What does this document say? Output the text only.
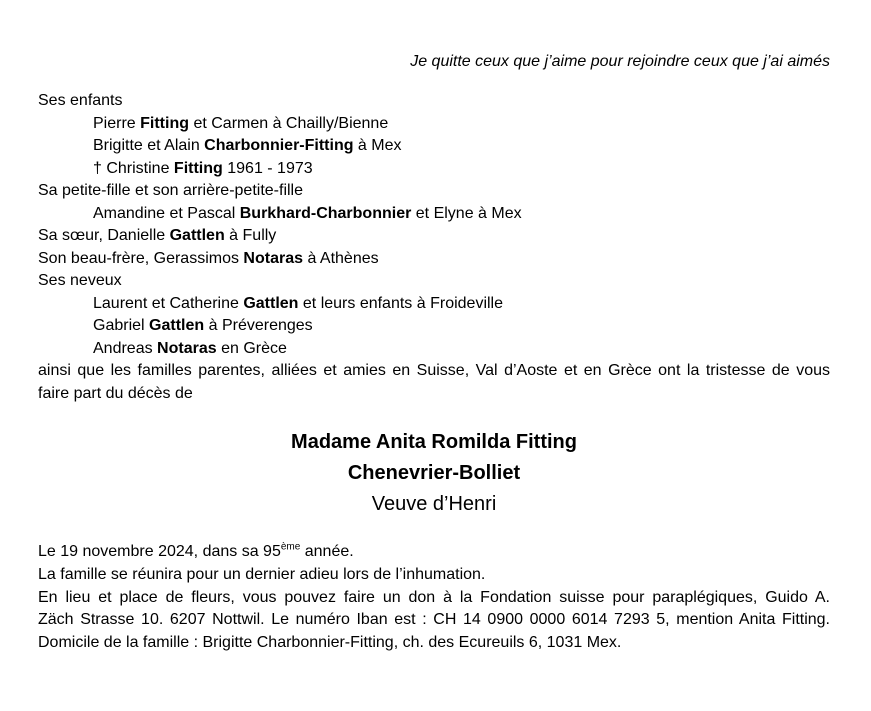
Je quitte ceux que j’aime pour rejoindre ceux que j’ai aimés
Ses enfants
Pierre Fitting et Carmen à Chailly/Bienne
Brigitte et Alain Charbonnier-Fitting à Mex
† Christine Fitting 1961 - 1973
Sa petite-fille et son arrière-petite-fille
Amandine et Pascal Burkhard-Charbonnier et Elyne à Mex
Sa sœur, Danielle Gattlen à Fully
Son beau-frère, Gerassimos Notaras à Athènes
Ses neveux
Laurent et Catherine Gattlen et leurs enfants à Froideville
Gabriel Gattlen à Préverenges
Andreas Notaras en Grèce
ainsi que les familles parentes, alliées et amies en Suisse, Val d’Aoste et en Grèce ont la tristesse de vous
faire part du décès de
Madame Anita Romilda Fitting
Chenevrier-Bolliet
Veuve d’Henri
Le 19 novembre 2024, dans sa 95ème année.
La famille se réunira pour un dernier adieu lors de l’inhumation.
En lieu et place de fleurs, vous pouvez faire un don à la Fondation suisse pour paraplégiques, Guido A.
Zäch Strasse 10. 6207 Nottwil. Le numéro Iban est : CH 14 0900 0000 6014 7293 5, mention Anita Fitting.
Domicile de la famille : Brigitte Charbonnier-Fitting, ch. des Ecureuils 6, 1031 Mex.
